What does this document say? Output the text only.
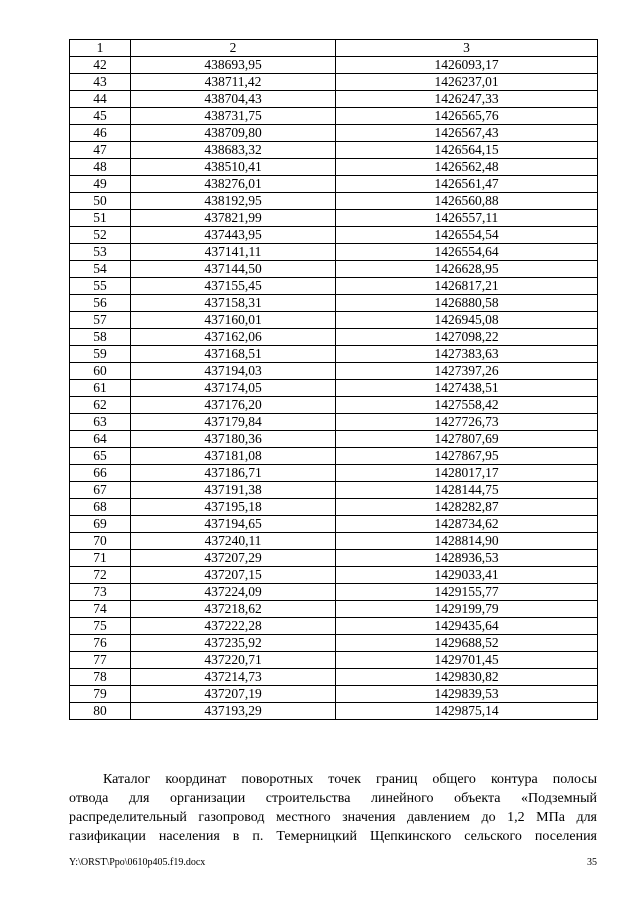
1	2	3
42	438693,95	1426093,17
43	438711,42	1426237,01
44	438704,43	1426247,33
45	438731,75	1426565,76
46	438709,80	1426567,43
47	438683,32	1426564,15
48	438510,41	1426562,48
49	438276,01	1426561,47
50	438192,95	1426560,88
51	437821,99	1426557,11
52	437443,95	1426554,54
53	437141,11	1426554,64
54	437144,50	1426628,95
55	437155,45	1426817,21
56	437158,31	1426880,58
57	437160,01	1426945,08
58	437162,06	1427098,22
59	437168,51	1427383,63
60	437194,03	1427397,26
61	437174,05	1427438,51
62	437176,20	1427558,42
63	437179,84	1427726,73
64	437180,36	1427807,69
65	437181,08	1427867,95
66	437186,71	1428017,17
67	437191,38	1428144,75
68	437195,18	1428282,87
69	437194,65	1428734,62
70	437240,11	1428814,90
71	437207,29	1428936,53
72	437207,15	1429033,41
73	437224,09	1429155,77
74	437218,62	1429199,79
75	437222,28	1429435,64
76	437235,92	1429688,52
77	437220,71	1429701,45
78	437214,73	1429830,82
79	437207,19	1429839,53
80	437193,29	1429875,14
Каталог координат поворотных точек границ общего контура полосы
отвода для организации строительства линейного объекта «Подземный
распределительный газопровод местного значения давлением до 1,2 МПа для
газификации населения в п. Темерницкий Щепкинского сельского поселения
Y:\ORST\Ppo\0610p405.f19.docx	35
